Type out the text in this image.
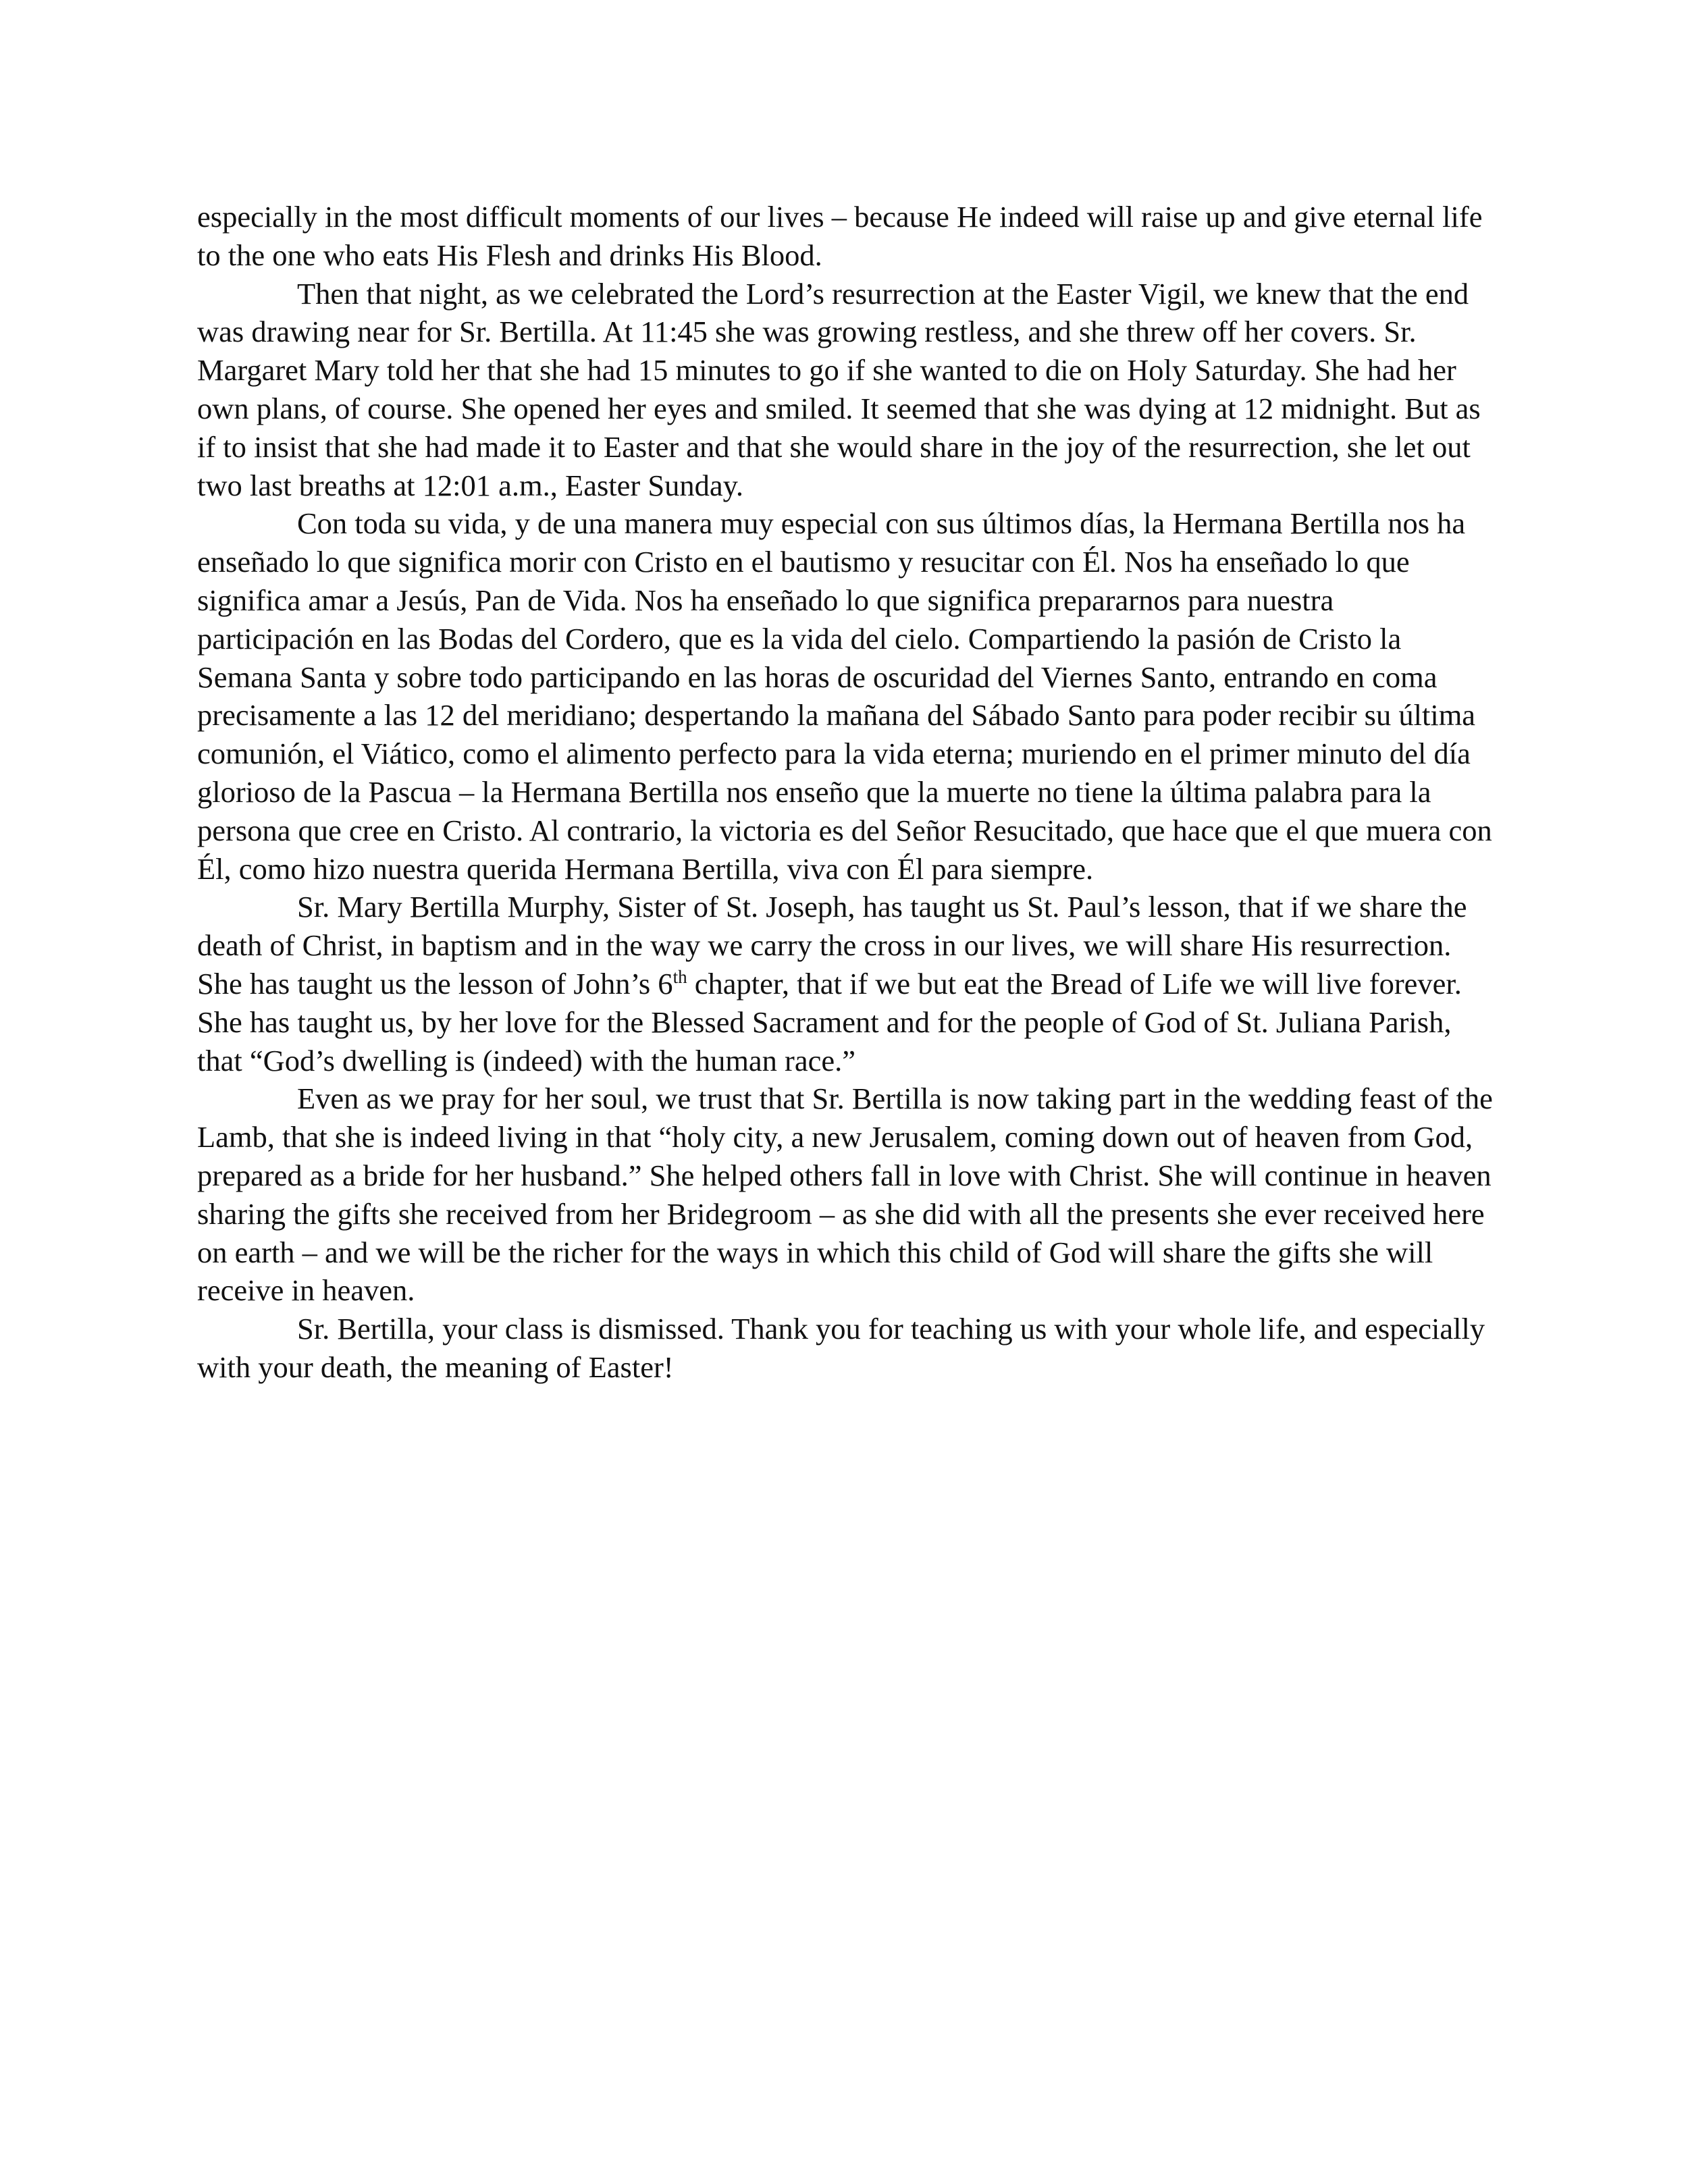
especially in the most difficult moments of our lives – because He indeed will raise up and give eternal life to the one who eats His Flesh and drinks His Blood.

Then that night, as we celebrated the Lord’s resurrection at the Easter Vigil, we knew that the end was drawing near for Sr. Bertilla. At 11:45 she was growing restless, and she threw off her covers. Sr. Margaret Mary told her that she had 15 minutes to go if she wanted to die on Holy Saturday. She had her own plans, of course. She opened her eyes and smiled. It seemed that she was dying at 12 midnight. But as if to insist that she had made it to Easter and that she would share in the joy of the resurrection, she let out two last breaths at 12:01 a.m., Easter Sunday.

Con toda su vida, y de una manera muy especial con sus últimos días, la Hermana Bertilla nos ha enseñado lo que significa morir con Cristo en el bautismo y resucitar con Él. Nos ha enseñado lo que significa amar a Jesús, Pan de Vida. Nos ha enseñado lo que significa prepararnos para nuestra participación en las Bodas del Cordero, que es la vida del cielo. Compartiendo la pasión de Cristo la Semana Santa y sobre todo participando en las horas de oscuridad del Viernes Santo, entrando en coma precisamente a las 12 del meridiano; despertando la mañana del Sábado Santo para poder recibir su última comunión, el Viático, como el alimento perfecto para la vida eterna; muriendo en el primer minuto del día glorioso de la Pascua – la Hermana Bertilla nos enseño que la muerte no tiene la última palabra para la persona que cree en Cristo. Al contrario, la victoria es del Señor Resucitado, que hace que el que muera con Él, como hizo nuestra querida Hermana Bertilla, viva con Él para siempre.

Sr. Mary Bertilla Murphy, Sister of St. Joseph, has taught us St. Paul’s lesson, that if we share the death of Christ, in baptism and in the way we carry the cross in our lives, we will share His resurrection. She has taught us the lesson of John’s 6th chapter, that if we but eat the Bread of Life we will live forever. She has taught us, by her love for the Blessed Sacrament and for the people of God of St. Juliana Parish, that “God’s dwelling is (indeed) with the human race.”

Even as we pray for her soul, we trust that Sr. Bertilla is now taking part in the wedding feast of the Lamb, that she is indeed living in that “holy city, a new Jerusalem, coming down out of heaven from God, prepared as a bride for her husband.” She helped others fall in love with Christ. She will continue in heaven sharing the gifts she received from her Bridegroom – as she did with all the presents she ever received here on earth – and we will be the richer for the ways in which this child of God will share the gifts she will receive in heaven.

Sr. Bertilla, your class is dismissed. Thank you for teaching us with your whole life, and especially with your death, the meaning of Easter!
